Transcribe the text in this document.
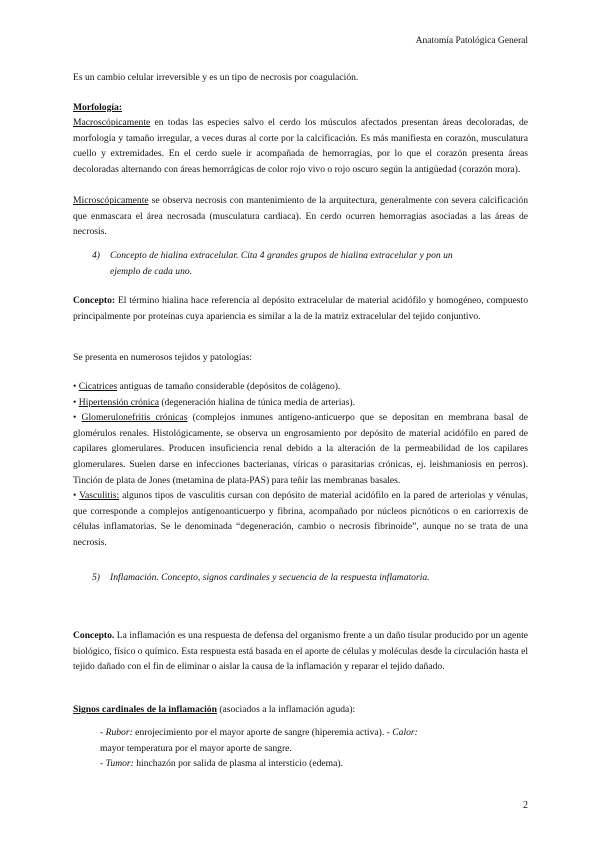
Anatomía Patológica General
Es un cambio celular irreversible y es un tipo de necrosis por coagulación.
Morfología:
Macroscópicamente en todas las especies salvo el cerdo los músculos afectados presentan áreas decoloradas, de morfología y tamaño irregular, a veces duras al corte por la calcificación. Es más manifiesta en corazón, musculatura cuello y extremidades. En el cerdo suele ir acompañada de hemorragias, por lo que el corazón presenta áreas decoloradas alternando con áreas hemorrágicas de color rojo vivo o rojo oscuro según la antigüedad (corazón mora).
Microscópicamente se observa necrosis con mantenimiento de la arquitectura, generalmente con severa calcificación que enmascara el área necrosada (musculatura cardiaca). En cerdo ocurren hemorragias asociadas a las áreas de necrosis.
4) Concepto de hialina extracelular. Cita 4 grandes grupos de hialina extracelular y pon un
ejemplo de cada uno.
Concepto: El término hialina hace referencia al depósito extracelular de material acidófilo y homogéneo, compuesto principalmente por proteínas cuya apariencia es similar a la de la matriz extracelular del tejido conjuntivo.
Se presenta en numerosos tejidos y patologías:
• Cicatrices antiguas de tamaño considerable (depósitos de colágeno).
• Hipertensión crónica (degeneración hialina de túnica media de arterias).
• Glomerulonefritis crónicas (complejos inmunes antígeno-anticuerpo que se depositan en membrana basal de glomérulos renales. Histológicamente, se observa un engrosamiento por depósito de material acidófilo en pared de capilares glomerulares. Producen insuficiencia renal debido a la alteración de la permeabilidad de los capilares glomerulares. Suelen darse en infecciones bacterianas, víricas o parasitarias crónicas, ej. leishmaniosis en perros). Tinción de plata de Jones (metamina de plata-PAS) para teñir las membranas basales.
• Vasculitis: algunos tipos de vasculitis cursan con depósito de material acidófilo en la pared de arteriolas y vénulas, que corresponde a complejos antígenoanticuerpo y fibrina, acompañado por núcleos picnóticos o en cariorrexis de células inflamatorias. Se le denominada “degeneración, cambio o necrosis fibrinoide”, aunque no se trata de una necrosis.
5) Inflamación. Concepto, signos cardinales y secuencia de la respuesta inflamatoria.
Concepto. La inflamación es una respuesta de defensa del organismo frente a un daño tisular producido por un agente biológico, físico o químico. Esta respuesta está basada en el aporte de células y moléculas desde la circulación hasta el tejido dañado con el fin de eliminar o aislar la causa de la inflamación y reparar el tejido dañado.
Signos cardinales de la inflamación (asociados a la inflamación aguda):
- Rubor: enrojecimiento por el mayor aporte de sangre (hiperemia activa). - Calor:
mayor temperatura por el mayor aporte de sangre.
- Tumor: hinchazón por salida de plasma al intersticio (edema).
2
